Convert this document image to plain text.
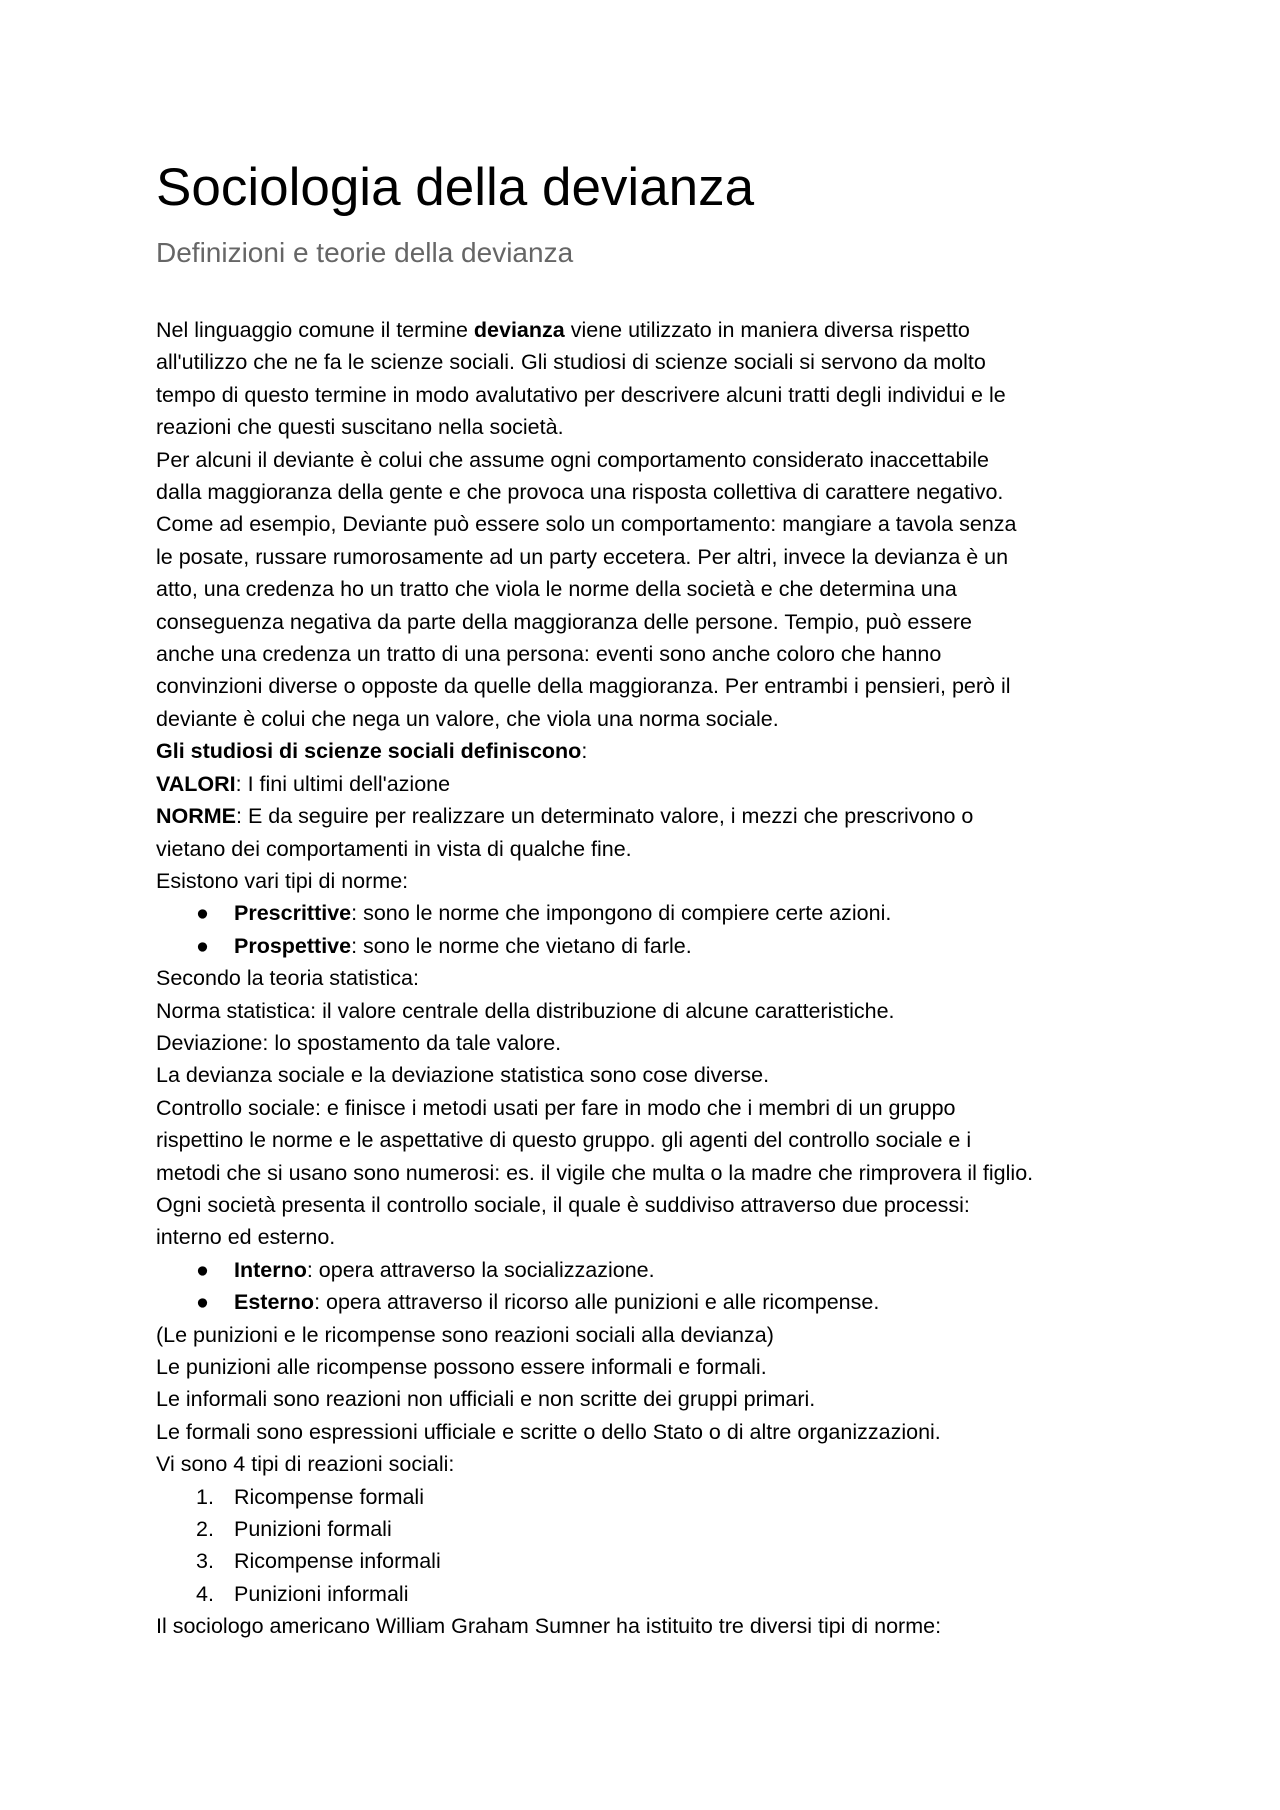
Sociologia della devianza
Definizioni e teorie della devianza
Nel linguaggio comune il termine devianza viene utilizzato in maniera diversa rispetto
all'utilizzo che ne fa le scienze sociali. Gli studiosi di scienze sociali si servono da molto
tempo di questo termine in modo avalutativo per descrivere alcuni tratti degli individui e le
reazioni che questi suscitano nella società.
Per alcuni il deviante è colui che assume ogni comportamento considerato inaccettabile
dalla maggioranza della gente e che provoca una risposta collettiva di carattere negativo.
Come ad esempio, Deviante può essere solo un comportamento: mangiare a tavola senza
le posate, russare rumorosamente ad un party eccetera. Per altri, invece la devianza è un
atto, una credenza ho un tratto che viola le norme della società e che determina una
conseguenza negativa da parte della maggioranza delle persone. Tempio, può essere
anche una credenza un tratto di una persona: eventi sono anche coloro che hanno
convinzioni diverse o opposte da quelle della maggioranza. Per entrambi i pensieri, però il
deviante è colui che nega un valore, che viola una norma sociale.
Gli studiosi di scienze sociali definiscono:
VALORI: I fini ultimi dell'azione
NORME: E da seguire per realizzare un determinato valore, i mezzi che prescrivono o
vietano dei comportamenti in vista di qualche fine.
Esistono vari tipi di norme:
● Prescrittive: sono le norme che impongono di compiere certe azioni.
● Prospettive: sono le norme che vietano di farle.
Secondo la teoria statistica:
Norma statistica: il valore centrale della distribuzione di alcune caratteristiche.
Deviazione: lo spostamento da tale valore.
La devianza sociale e la deviazione statistica sono cose diverse.
Controllo sociale: e finisce i metodi usati per fare in modo che i membri di un gruppo
rispettino le norme e le aspettative di questo gruppo. gli agenti del controllo sociale e i
metodi che si usano sono numerosi: es. il vigile che multa o la madre che rimprovera il figlio.
Ogni società presenta il controllo sociale, il quale è suddiviso attraverso due processi:
interno ed esterno.
● Interno: opera attraverso la socializzazione.
● Esterno: opera attraverso il ricorso alle punizioni e alle ricompense.
(Le punizioni e le ricompense sono reazioni sociali alla devianza)
Le punizioni alle ricompense possono essere informali e formali.
Le informali sono reazioni non ufficiali e non scritte dei gruppi primari.
Le formali sono espressioni ufficiale e scritte o dello Stato o di altre organizzazioni.
Vi sono 4 tipi di reazioni sociali:
1. Ricompense formali
2. Punizioni formali
3. Ricompense informali
4. Punizioni informali
Il sociologo americano William Graham Sumner ha istituito tre diversi tipi di norme:
